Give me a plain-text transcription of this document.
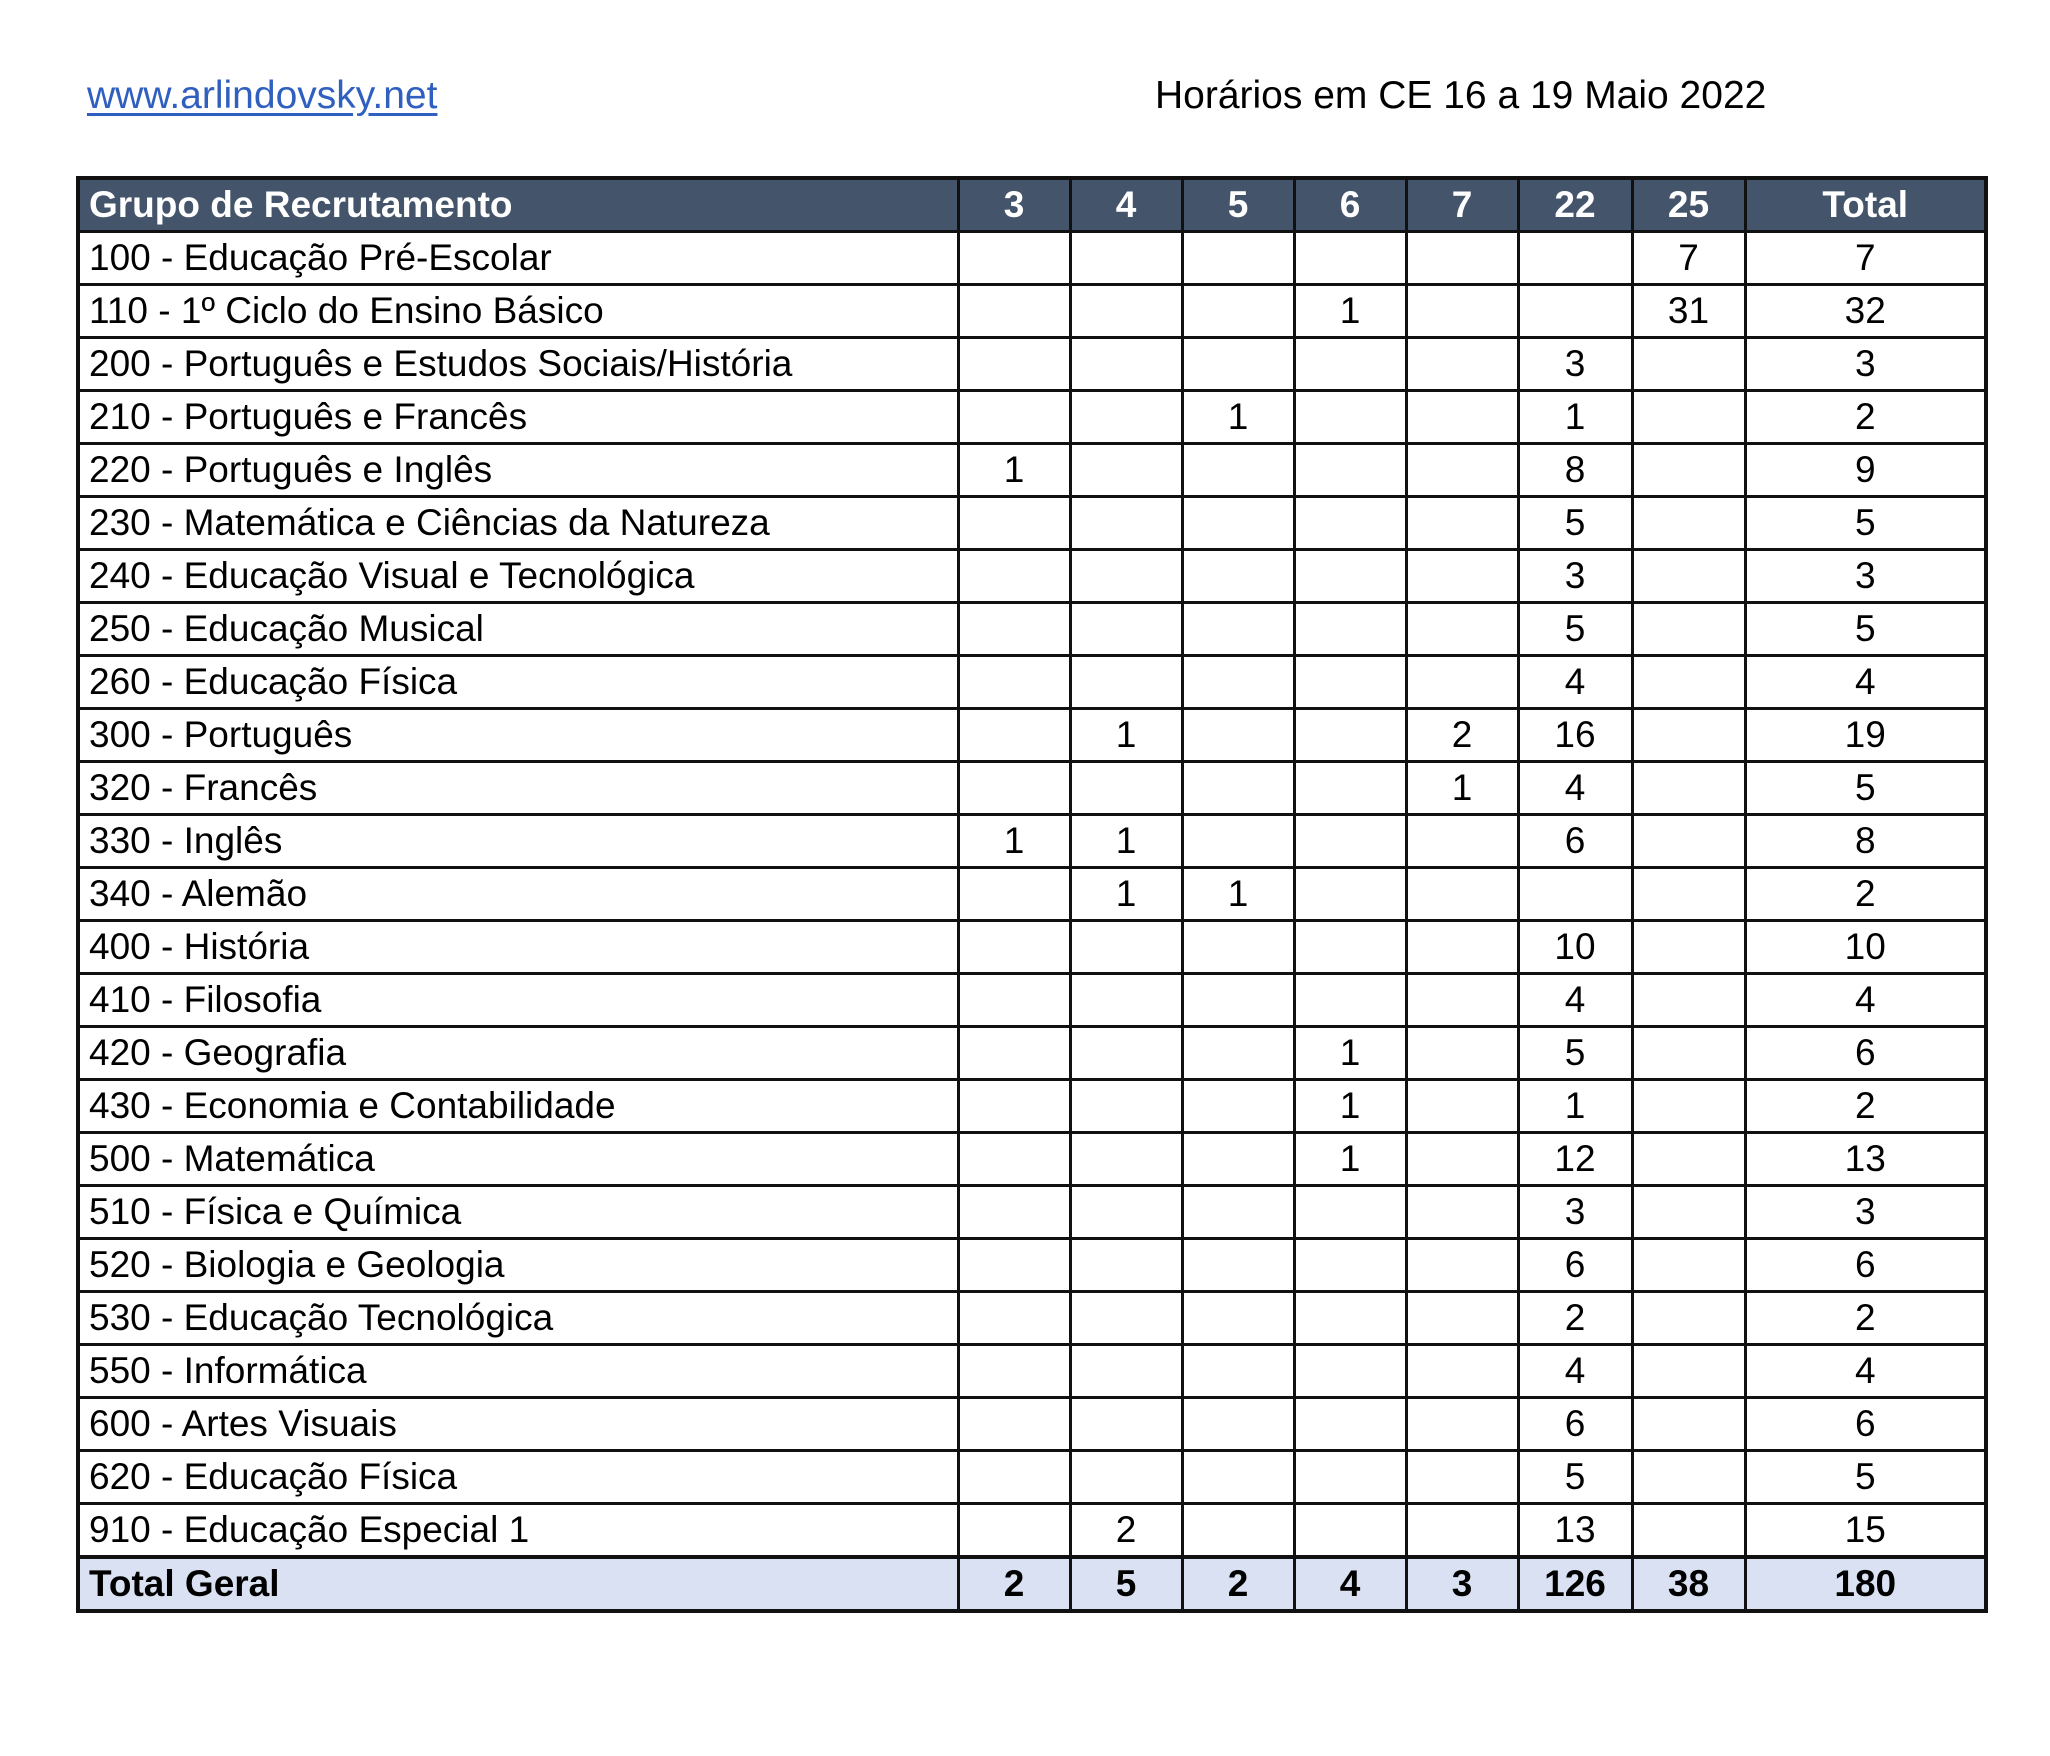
www.arlindovsky.net	Horários em CE 16 a 19 Maio 2022
Grupo de Recrutamento	3	4	5	6	7	22	25	Total
100 - Educação Pré-Escolar							7	7
110 - 1º Ciclo do Ensino Básico				1			31	32
200 - Português e Estudos Sociais/História						3		3
210 - Português e Francês			1			1		2
220 - Português e Inglês	1					8		9
230 - Matemática e Ciências da Natureza						5		5
240 - Educação Visual e Tecnológica						3		3
250 - Educação Musical						5		5
260 - Educação Física						4		4
300 - Português		1			2	16		19
320 - Francês					1	4		5
330 - Inglês	1	1				6		8
340 - Alemão		1	1					2
400 - História						10		10
410 - Filosofia						4		4
420 - Geografia				1		5		6
430 - Economia e Contabilidade				1		1		2
500 - Matemática				1		12		13
510 - Física e Química						3		3
520 - Biologia e Geologia						6		6
530 - Educação Tecnológica						2		2
550 - Informática						4		4
600 - Artes Visuais						6		6
620 - Educação Física						5		5
910 - Educação Especial 1		2				13		15
Total Geral	2	5	2	4	3	126	38	180
